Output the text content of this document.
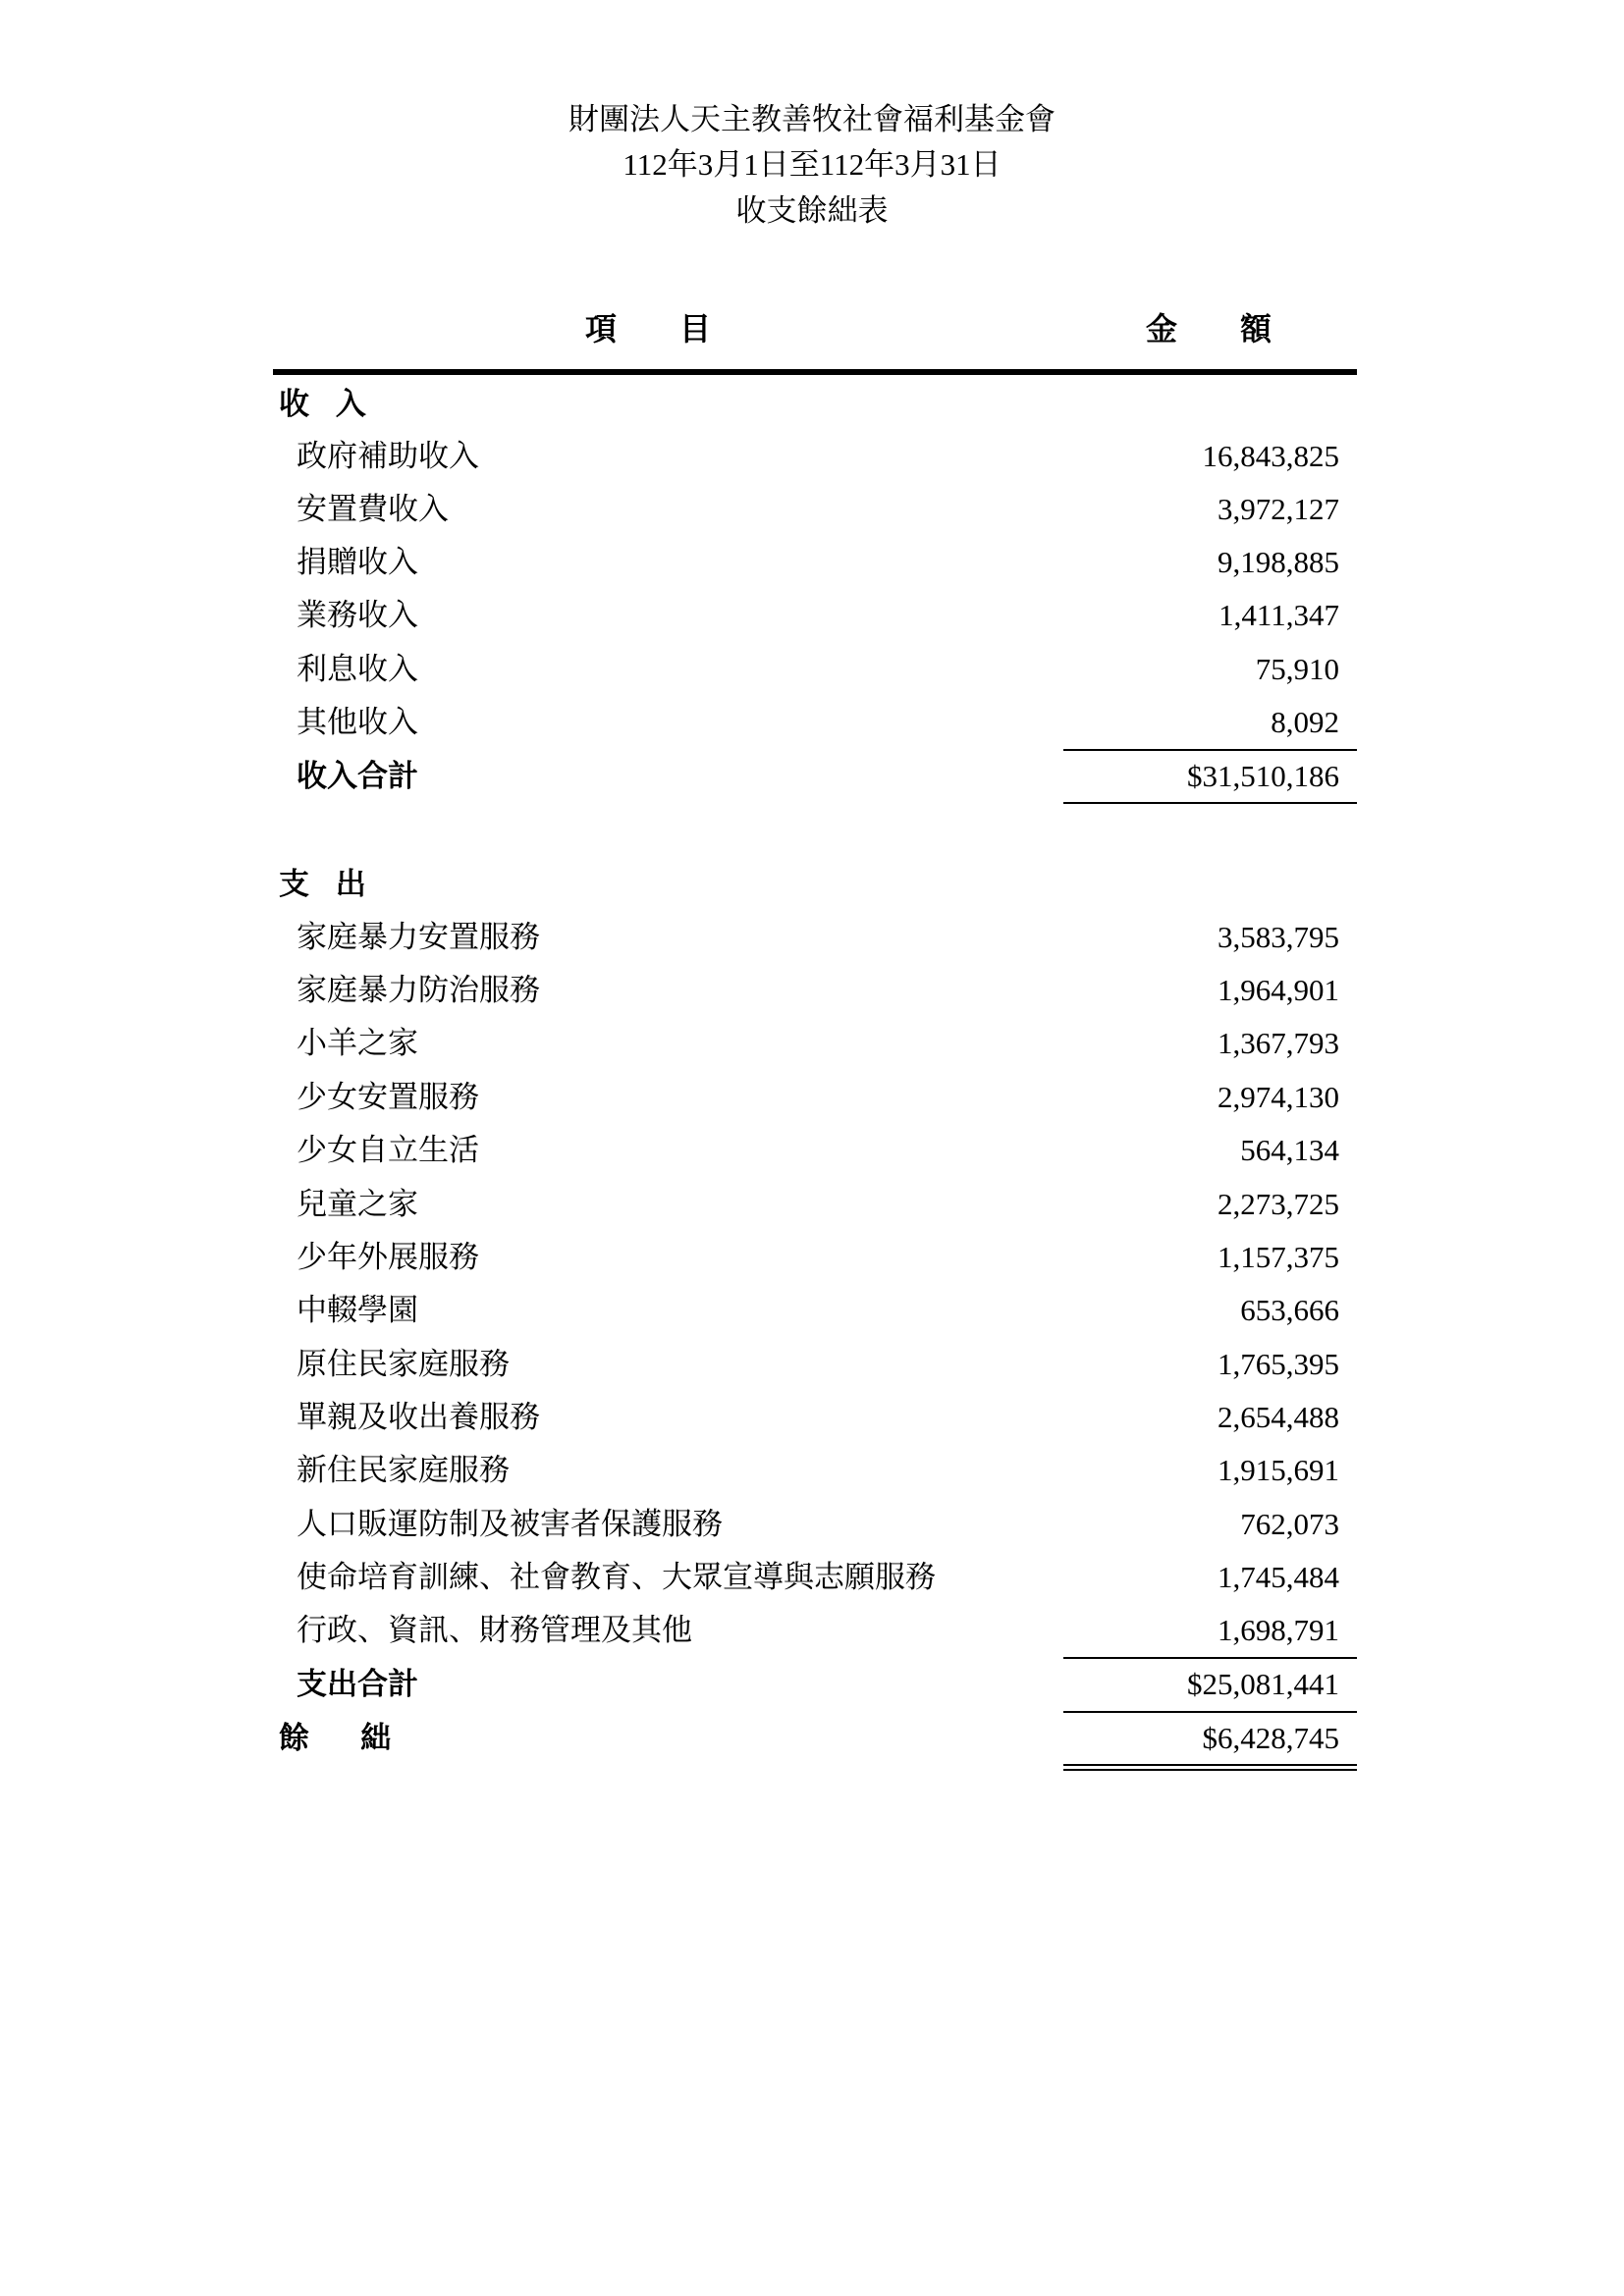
財團法人天主教善牧社會福利基金會
112年3月1日至112年3月31日
收支餘絀表
項　　目	金　　額
收 入
政府補助收入	16,843,825
安置費收入	3,972,127
捐贈收入	9,198,885
業務收入	1,411,347
利息收入	75,910
其他收入	8,092
收入合計	$31,510,186
支 出
家庭暴力安置服務	3,583,795
家庭暴力防治服務	1,964,901
小羊之家	1,367,793
少女安置服務	2,974,130
少女自立生活	564,134
兒童之家	2,273,725
少年外展服務	1,157,375
中輟學園	653,666
原住民家庭服務	1,765,395
單親及收出養服務	2,654,488
新住民家庭服務	1,915,691
人口販運防制及被害者保護服務	762,073
使命培育訓練、社會教育、大眾宣導與志願服務	1,745,484
行政、資訊、財務管理及其他	1,698,791
支出合計	$25,081,441
餘絀	$6,428,745
